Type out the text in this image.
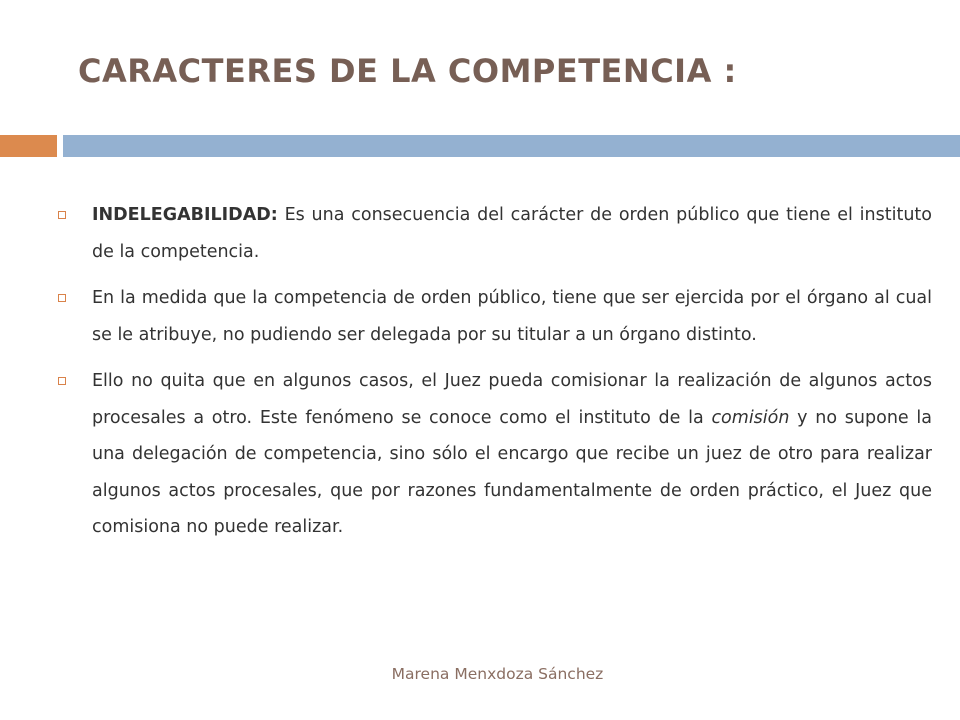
CARACTERES DE LA COMPETENCIA :
INDELEGABILIDAD: Es una consecuencia del carácter de orden público que tiene el instituto de la competencia.
En la medida que la competencia de orden público, tiene que ser ejercida por el órgano al cual se le atribuye, no pudiendo ser delegada por su titular a un órgano distinto.
Ello no quita que en algunos casos, el Juez pueda comisionar la realización de algunos actos procesales a otro. Este fenómeno se conoce como el instituto de la comisión y no supone la una delegación de competencia, sino sólo el encargo que recibe un juez de otro para realizar algunos actos procesales, que por razones fundamentalmente de orden práctico, el Juez que comisiona no puede realizar.
Marena Menxdoza Sánchez
